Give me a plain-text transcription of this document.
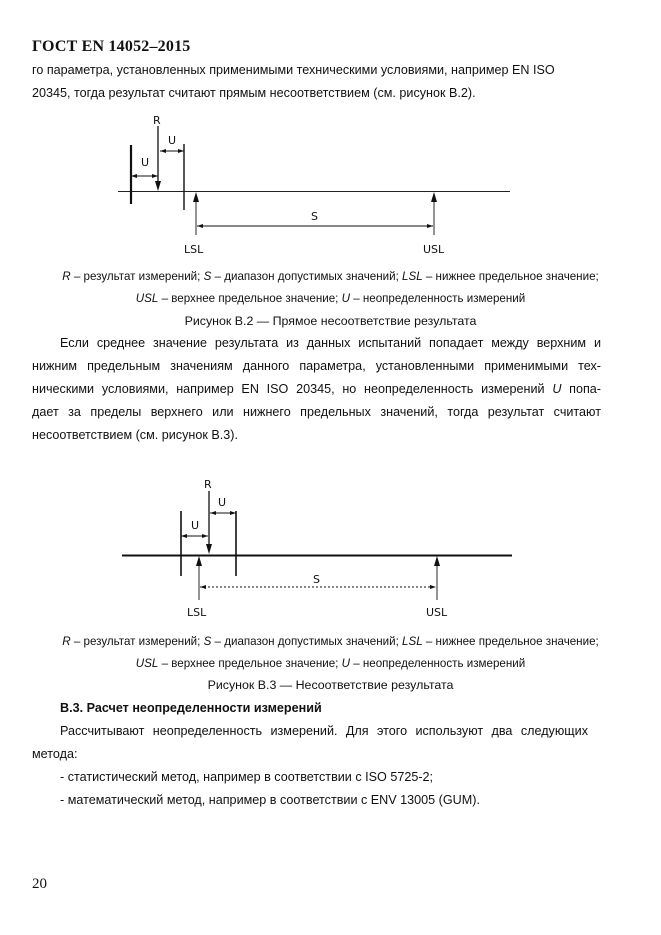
ГОСТ EN 14052–2015
го параметра, установленных применимыми техническими условиями, например EN ISO
20345, тогда результат считают прямым несоответствием (см. рисунок В.2).
R
U
U
S
LSL	USL
R – результат измерений; S – диапазон допустимых значений; LSL – нижнее предельное значение;
USL – верхнее предельное значение; U – неопределенность измерений
Рисунок В.2 — Прямое несоответствие результата
Если среднее значение результата из данных испытаний попадает между верхним и
нижним предельным значениям данного параметра, установленными применимыми тех-
ническими условиями, например EN ISO 20345, но неопределенность измерений U попа-
дает за пределы верхнего или нижнего предельных значений, тогда результат считают
несоответствием (см. рисунок В.3).
R
U
U
S
LSL	USL
R – результат измерений; S – диапазон допустимых значений; LSL – нижнее предельное значение;
USL – верхнее предельное значение; U – неопределенность измерений
Рисунок В.3 — Несоответствие результата
В.3. Расчет неопределенности измерений
Рассчитывают неопределенность измерений. Для этого используют два следующих
метода:
- статистический метод, например в соответствии с ISO 5725-2;
- математический метод, например в соответствии с ENV 13005 (GUM).
20
